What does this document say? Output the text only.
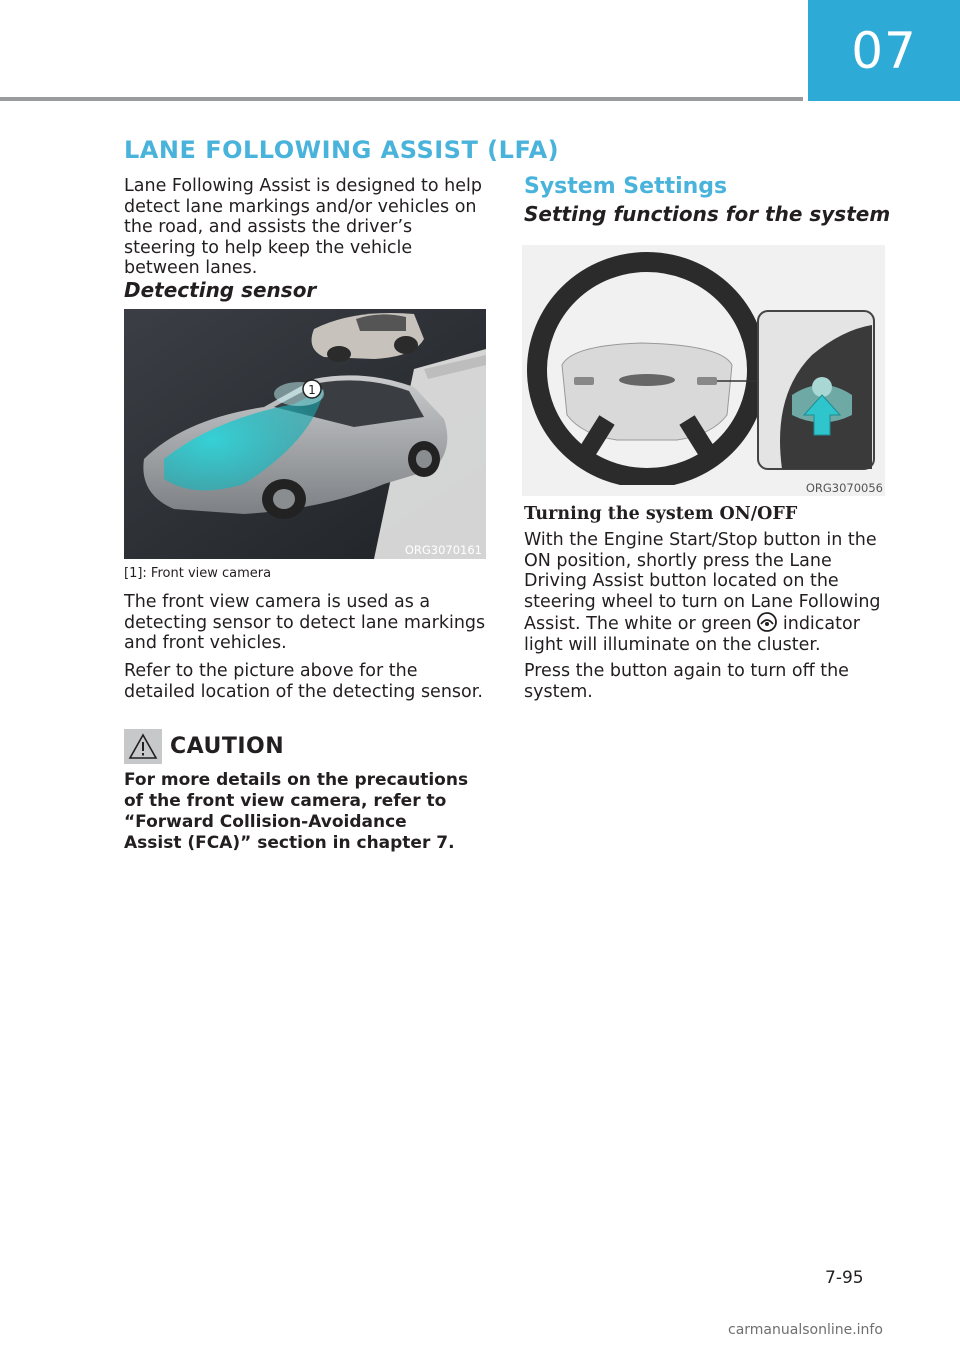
07
LANE FOLLOWING ASSIST (LFA)

Lane Following Assist is designed to help detect lane markings and/or vehicles on the road, and assists the driver’s steering to help keep the vehicle between lanes.

Detecting sensor
1
ORG3070161
[1]: Front view camera

The front view camera is used as a detecting sensor to detect lane markings and front vehicles.

Refer to the picture above for the detailed location of the detecting sensor.

CAUTION

For more details on the precautions of the front view camera, refer to “Forward Collision-Avoidance Assist (FCA)” section in chapter 7.

System Settings
Setting functions for the system
ORG3070056
Turning the system ON/OFF

With the Engine Start/Stop button in the ON position, shortly press the Lane Driving Assist button located on the steering wheel to turn on Lane Following Assist. The white or green  indicator light will illuminate on the cluster.

Press the button again to turn off the system.

7-95
carmanualsonline.info
